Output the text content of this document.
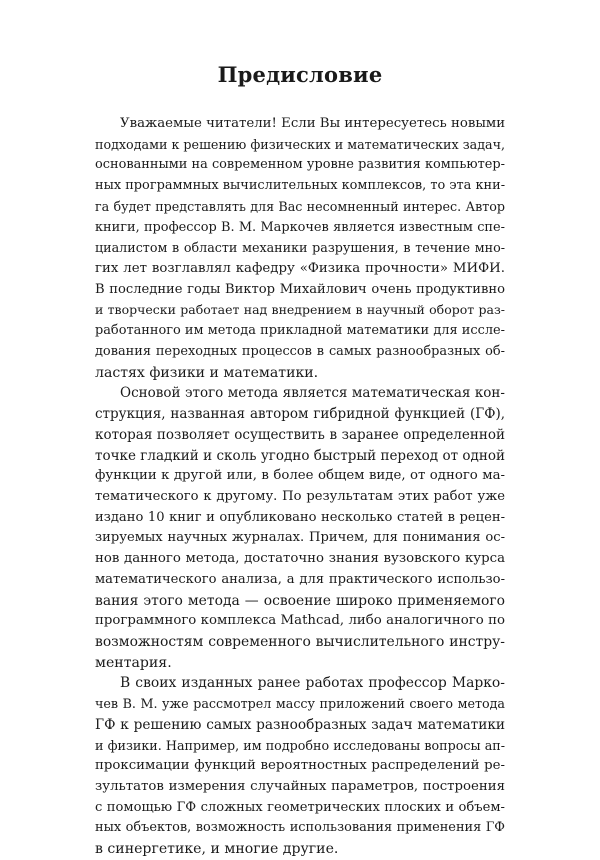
Предисловие
Уважаемые читатели! Если Вы интересуетесь новыми
подходами к решению физических и математических задач,
основанными на современном уровне развития компьютер-
ных программных вычислительных комплексов, то эта кни-
га будет представлять для Вас несомненный интерес. Автор
книги, профессор В. М. Маркочев является известным спе-
циалистом в области механики разрушения, в течение мно-
гих лет возглавлял кафедру «Физика прочности» МИФИ.
В последние годы Виктор Михайлович очень продуктивно
и творчески работает над внедрением в научный оборот раз-
работанного им метода прикладной математики для иссле-
дования переходных процессов в самых разнообразных об-
ластях физики и математики.
Основой этого метода является математическая кон-
струкция, названная автором гибридной функцией (ГФ),
которая позволяет осуществить в заранее определенной
точке гладкий и сколь угодно быстрый переход от одной
функции к другой или, в более общем виде, от одного ма-
тематического к другому. По результатам этих работ уже
издано 10 книг и опубликовано несколько статей в рецен-
зируемых научных журналах. Причем, для понимания ос-
нов данного метода, достаточно знания вузовского курса
математического анализа, а для практического использо-
вания этого метода — освоение широко применяемого
программного комплекса Mathcad, либо аналогичного по
возможностям современного вычислительного инстру-
ментария.
В своих изданных ранее работах профессор Марко-
чев В. М. уже рассмотрел массу приложений своего метода
ГФ к решению самых разнообразных задач математики
и физики. Например, им подробно исследованы вопросы ап-
проксимации функций вероятностных распределений ре-
зультатов измерения случайных параметров, построения
с помощью ГФ сложных геометрических плоских и объем-
ных объектов, возможность использования применения ГФ
в синергетике, и многие другие.
